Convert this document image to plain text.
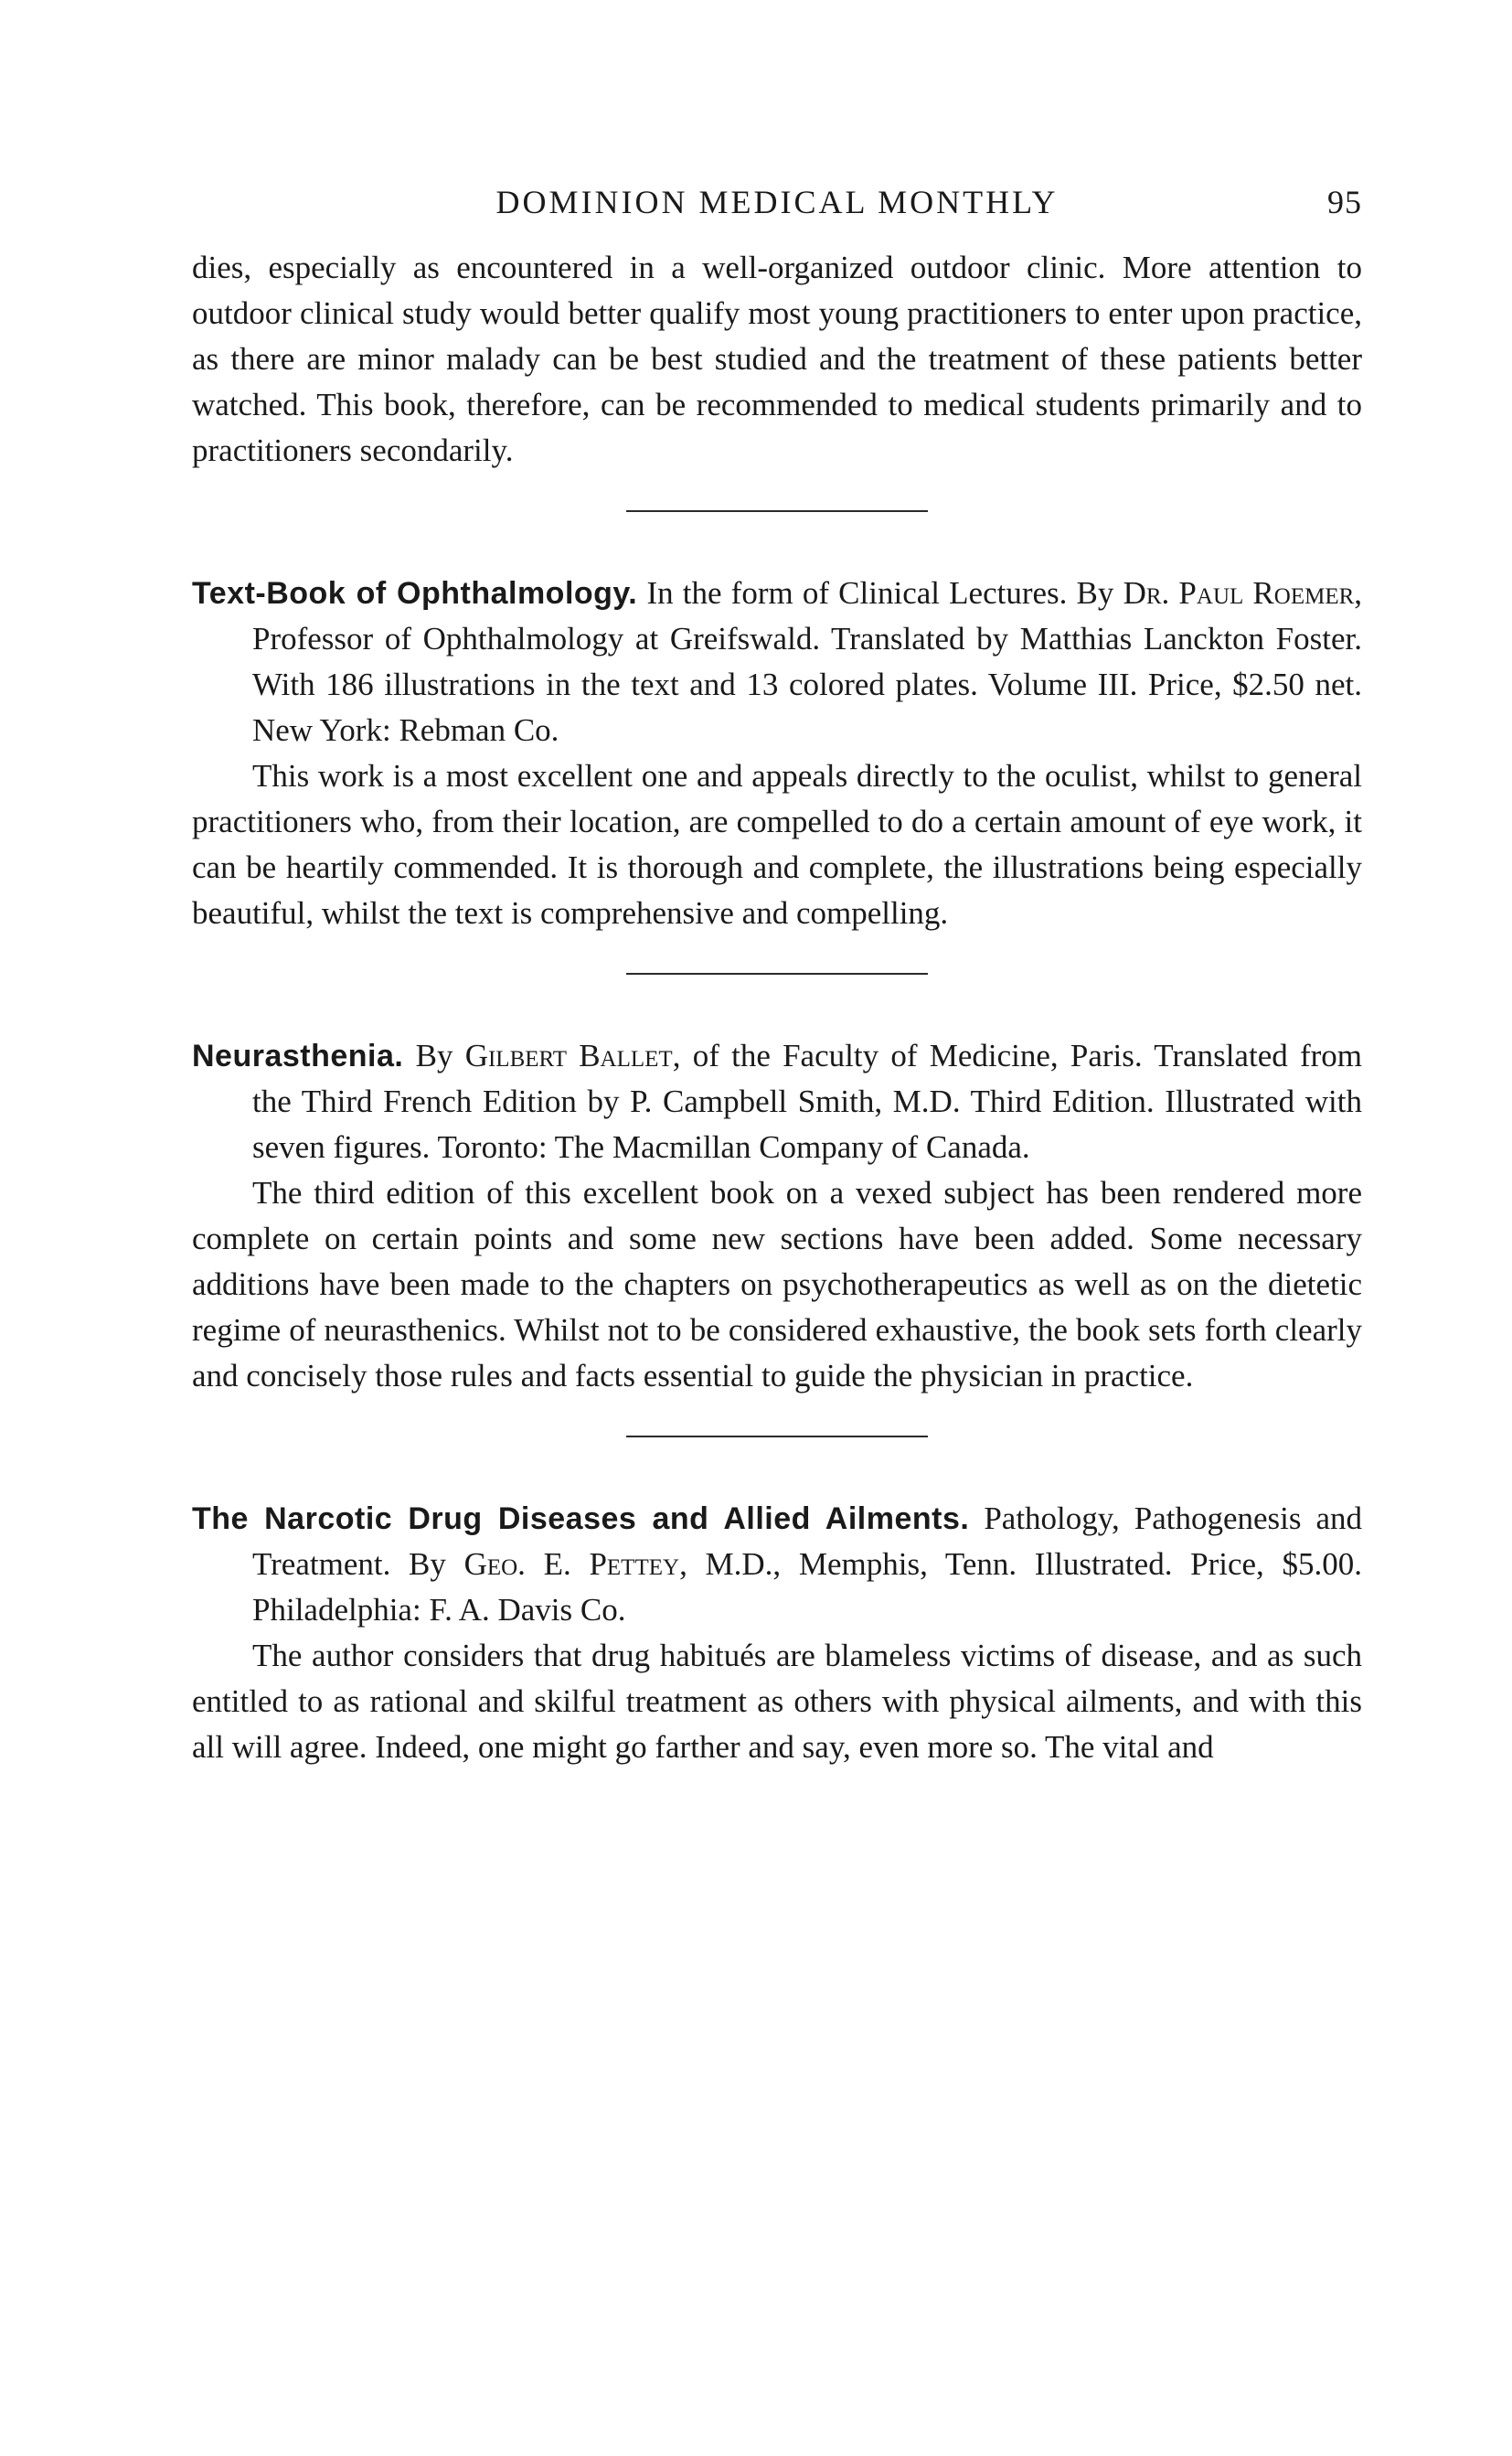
DOMINION MEDICAL MONTHLY	95

dies, especially as encountered in a well-organized outdoor clinic. More attention to outdoor clinical study would better qualify most young practitioners to enter upon practice, as there are minor malady can be best studied and the treatment of these patients better watched. This book, therefore, can be recommended to medical students primarily and to practitioners secondarily.

Text-Book of Ophthalmology. In the form of Clinical Lectures. By Dr. Paul Roemer, Professor of Ophthalmology at Greifswald. Translated by Matthias Lanckton Foster. With 186 illustrations in the text and 13 colored plates. Volume III. Price, $2.50 net. New York: Rebman Co.

This work is a most excellent one and appeals directly to the oculist, whilst to general practitioners who, from their location, are compelled to do a certain amount of eye work, it can be heartily commended. It is thorough and complete, the illustrations being especially beautiful, whilst the text is comprehensive and compelling.

Neurasthenia. By Gilbert Ballet, of the Faculty of Medicine, Paris. Translated from the Third French Edition by P. Campbell Smith, M.D. Third Edition. Illustrated with seven figures. Toronto: The Macmillan Company of Canada.

The third edition of this excellent book on a vexed subject has been rendered more complete on certain points and some new sections have been added. Some necessary additions have been made to the chapters on psychotherapeutics as well as on the dietetic regime of neurasthenics. Whilst not to be considered exhaustive, the book sets forth clearly and concisely those rules and facts essential to guide the physician in practice.

The Narcotic Drug Diseases and Allied Ailments. Pathology, Pathogenesis and Treatment. By Geo. E. Pettey, M.D., Memphis, Tenn. Illustrated. Price, $5.00. Philadelphia: F. A. Davis Co.

The author considers that drug habitués are blameless victims of disease, and as such entitled to as rational and skilful treatment as others with physical ailments, and with this all will agree. Indeed, one might go farther and say, even more so. The vital and
